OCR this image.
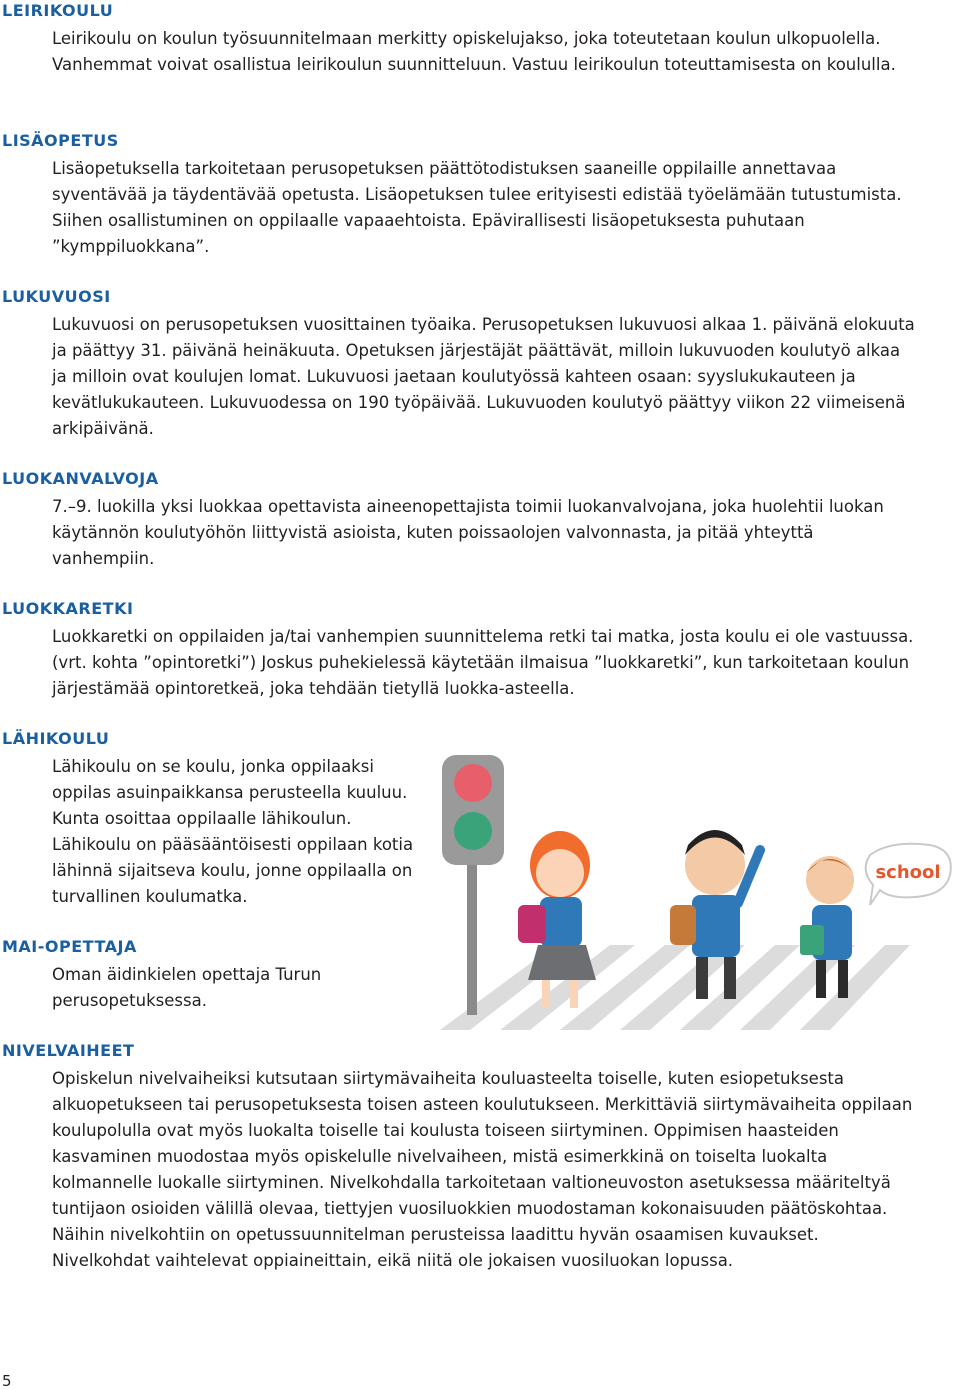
LEIRIKOULU

Leirikoulu on koulun työsuunnitelmaan merkitty opiskelujakso, joka toteutetaan koulun ulkopuolella. Vanhemmat voivat osallistua leirikoulun suunnitteluun. Vastuu leirikoulun toteuttamisesta on koululla.

LISÄOPETUS

Lisäopetuksella tarkoitetaan perusopetuksen päättötodistuksen saaneille oppilaille annettavaa syventävää ja täydentävää opetusta. Lisäopetuksen tulee erityisesti edistää työelämään tutustumista. Siihen osallistuminen on oppilaalle vapaaehtoista. Epävirallisesti lisäopetuksesta puhutaan ”kymppiluokkana”.

LUKUVUOSI

Lukuvuosi on perusopetuksen vuosittainen työaika. Perusopetuksen lukuvuosi alkaa 1. päivänä elokuuta ja päättyy 31. päivänä heinäkuuta. Opetuksen järjestäjät päättävät, milloin lukuvuoden koulutyö alkaa ja milloin ovat koulujen lomat. Lukuvuosi jaetaan koulutyössä kahteen osaan: syyslukukauteen ja kevätlukukauteen. Lukuvuodessa on 190 työpäivää. Lukuvuoden koulutyö päättyy viikon 22 viimeisenä arkipäivänä.

LUOKANVALVOJA

7.–9. luokilla yksi luokkaa opettavista aineenopettajista toimii luokanvalvojana, joka huolehtii luokan käytännön koulutyöhön liittyvistä asioista, kuten poissaolojen valvonnasta, ja pitää yhteyttä vanhempiin.

LUOKKARETKI

Luokkaretki on oppilaiden ja/tai vanhempien suunnittelema retki tai matka, josta koulu ei ole vastuussa. (vrt. kohta ”opintoretki”) Joskus puhekielessä käytetään ilmaisua ”luokkaretki”, kun tarkoitetaan koulun järjestämää opintoretkeä, joka tehdään tietyllä luokka-asteella.

LÄHIKOULU

Lähikoulu on se koulu, jonka oppilaaksi oppilas asuinpaikkansa perusteella kuuluu. Kunta osoittaa oppilaalle lähikoulun. Lähikoulu on pääsääntöisesti oppilaan kotia lähinnä sijaitseva koulu, jonne oppilaalla on turvallinen koulumatka.

MAI-OPETTAJA

Oman äidinkielen opettaja Turun perusopetuksessa.

NIVELVAIHEET

Opiskelun nivelvaiheiksi kutsutaan siirtymävaiheita kouluasteelta toiselle, kuten esiopetuksesta alkuopetukseen tai perusopetuksesta toisen asteen koulutukseen. Merkittäviä siirtymävaiheita oppilaan koulupolulla ovat myös luokalta toiselle tai koulusta toiseen siirtyminen. Oppimisen haasteiden kasvaminen muodostaa myös opiskelulle nivelvaiheen, mistä esimerkkinä on toiselta luokalta kolmannelle luokalle siirtyminen. Nivelkohdalla tarkoitetaan valtioneuvoston asetuksessa määriteltyä tuntijaon osioiden välillä olevaa, tiettyjen vuosiluokkien muodostaman kokonaisuuden päätöskohtaa. Näihin nivelkohtiin on opetussuunnitelman perusteissa laadittu hyvän osaamisen kuvaukset. Nivelkohdat vaihtelevat oppiaineittain, eikä niitä ole jokaisen vuosiluokan lopussa.

school
5
